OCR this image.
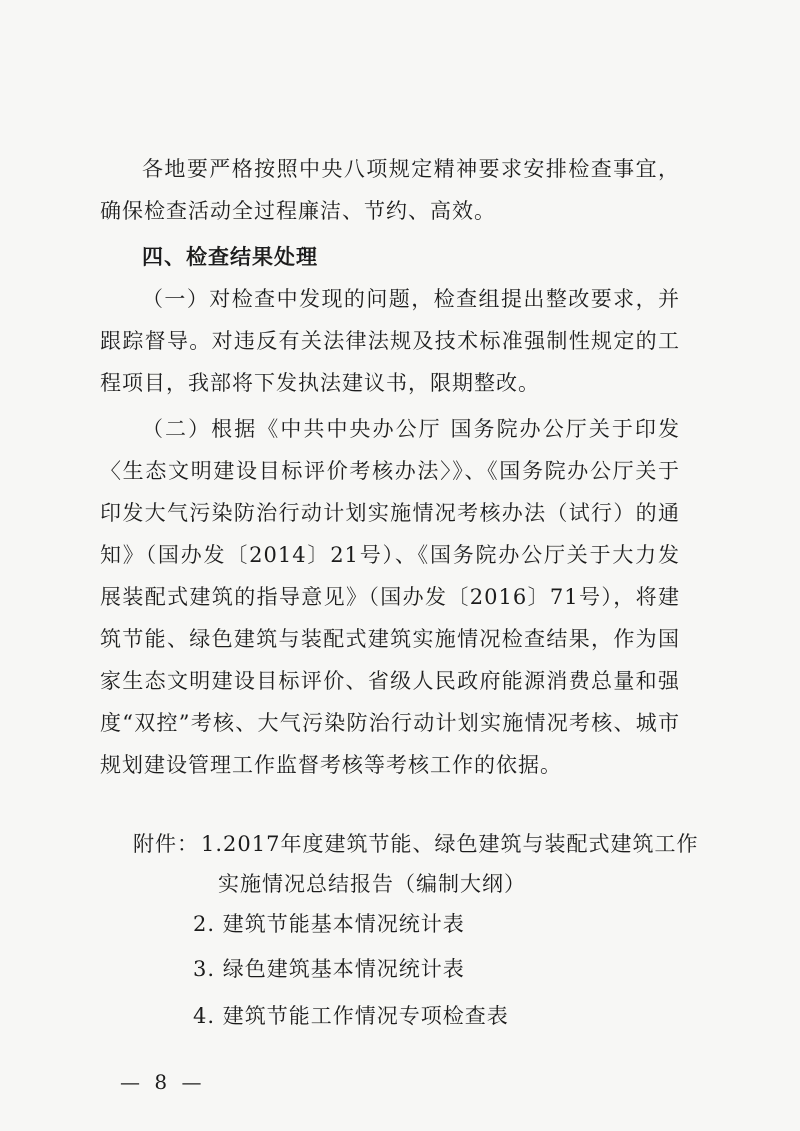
各地要严格按照中央八项规定精神要求安排检查事宜，确保检查活动全过程廉洁、节约、高效。

四、检查结果处理

（一）对检查中发现的问题，检查组提出整改要求，并跟踪督导。对违反有关法律法规及技术标准强制性规定的工程项目，我部将下发执法建议书，限期整改。

（二）根据《中共中央办公厅 国务院办公厅关于印发〈生态文明建设目标评价考核办法〉》、《国务院办公厅关于印发大气污染防治行动计划实施情况考核办法（试行）的通知》（国办发〔2014〕21号）、《国务院办公厅关于大力发展装配式建筑的指导意见》（国办发〔2016〕71号），将建筑节能、绿色建筑与装配式建筑实施情况检查结果，作为国家生态文明建设目标评价、省级人民政府能源消费总量和强度“双控”考核、大气污染防治行动计划实施情况考核、城市规划建设管理工作监督考核等考核工作的依据。

附件： 1.2017年度建筑节能、绿色建筑与装配式建筑工作
实施情况总结报告（编制大纲）
2. 建筑节能基本情况统计表
3. 绿色建筑基本情况统计表
4. 建筑节能工作情况专项检查表
— 8 —
